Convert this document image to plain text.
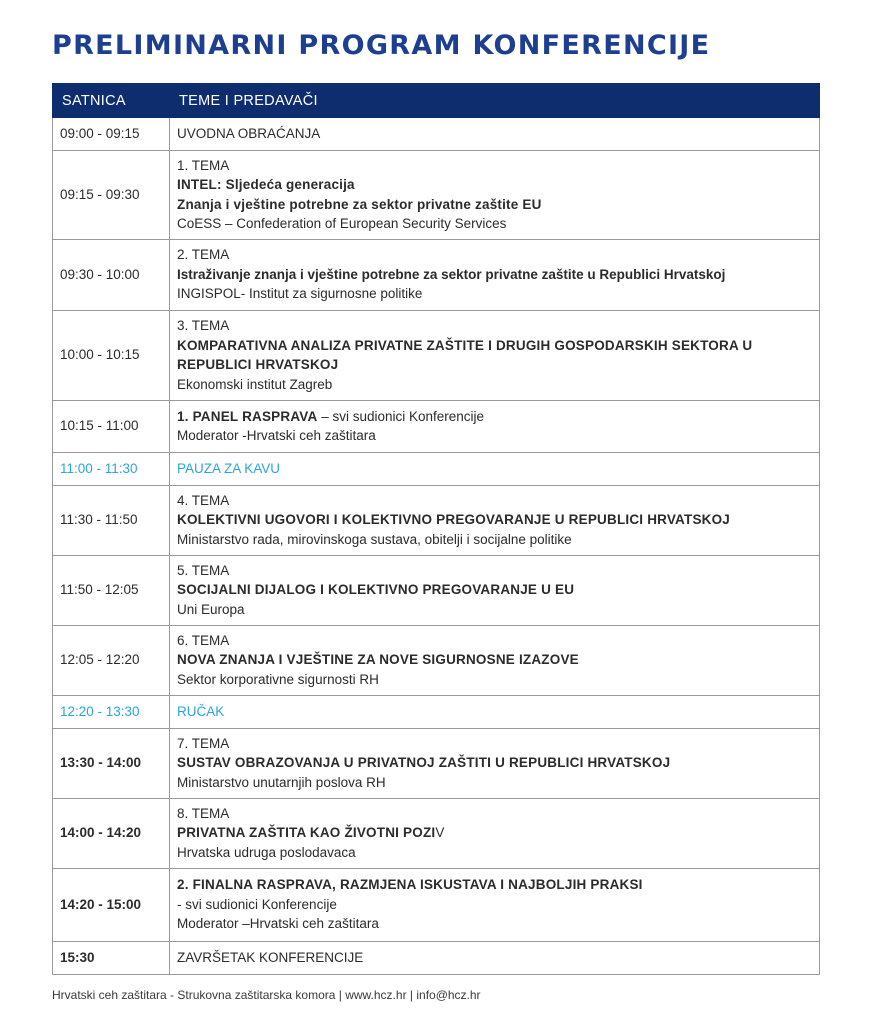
PRELIMINARNI PROGRAM KONFERENCIJE
SATNICA	TEME I PREDAVAČI
09:00 - 09:15	UVODNA OBRAĆANJA
09:15 - 09:30	1. TEMA
INTEL: Sljedeća generacija
Znanja i vještine potrebne za sektor privatne zaštite EU
CoESS – Confederation of European Security Services

09:30 - 10:00	2. TEMA
Istraživanje znanja i vještine potrebne za sektor privatne zaštite u Republici Hrvatskoj
INGISPOL- Institut za sigurnosne politike

10:00 - 10:15	3. TEMA
KOMPARATIVNA ANALIZA PRIVATNE ZAŠTITE I DRUGIH GOSPODARSKIH SEKTORA U REPUBLICI HRVATSKOJ
Ekonomski institut Zagreb

10:15 - 11:00	1. PANEL RASPRAVA – svi sudionici Konferencije
Moderator -Hrvatski ceh zaštitara

11:00 - 11:30	PAUZA ZA KAVU
11:30 - 11:50	4. TEMA
KOLEKTIVNI UGOVORI I KOLEKTIVNO PREGOVARANJE U REPUBLICI HRVATSKOJ
Ministarstvo rada, mirovinskoga sustava, obitelji i socijalne politike

11:50 - 12:05	5. TEMA
SOCIJALNI DIJALOG I KOLEKTIVNO PREGOVARANJE U EU
Uni Europa

12:05 - 12:20	6. TEMA
NOVA ZNANJA I VJEŠTINE ZA NOVE SIGURNOSNE IZAZOVE
Sektor korporativne sigurnosti RH

12:20 - 13:30	RUČAK
13:30 - 14:00	7. TEMA
SUSTAV OBRAZOVANJA U PRIVATNOJ ZAŠTITI U REPUBLICI HRVATSKOJ
Ministarstvo unutarnjih poslova RH

14:00 - 14:20	8. TEMA
PRIVATNA ZAŠTITA KAO ŽIVOTNI POZIV
Hrvatska udruga poslodavaca

14:20 - 15:00	2. FINALNA RASPRAVA, RAZMJENA ISKUSTAVA I NAJBOLJIH PRAKSI
- svi sudionici Konferencije
Moderator –Hrvatski ceh zaštitara

15:30	ZAVRŠETAK KONFERENCIJE
Hrvatski ceh zaštitara - Strukovna zaštitarska komora | www.hcz.hr | info@hcz.hr
